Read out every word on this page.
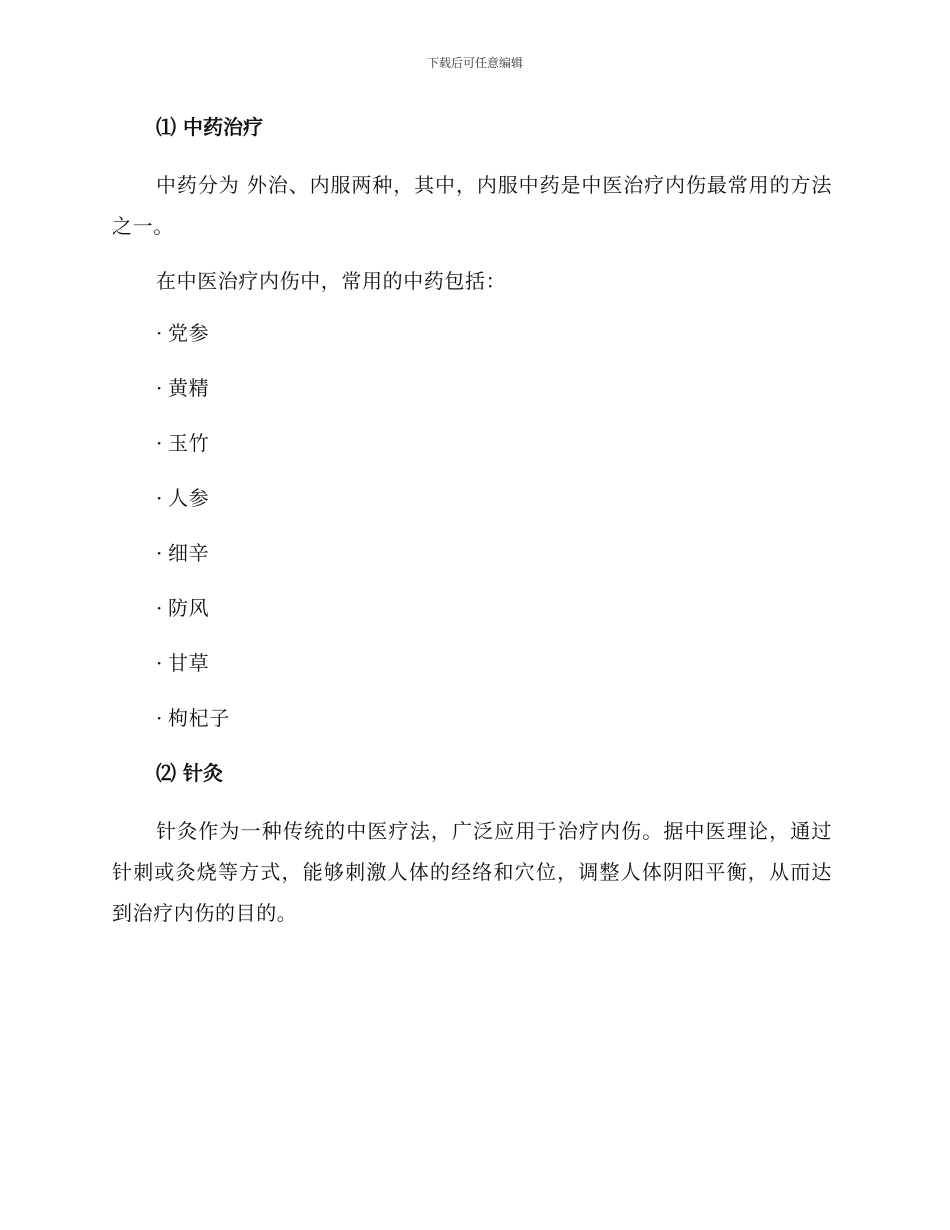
下载后可任意编辑
⑴ 中药治疗

中药分为 外治、内服两种，其中，内服中药是中医治疗内伤最常用的方法之一。

在中医治疗内伤中，常用的中药包括：

· 党参
· 黄精
· 玉竹
· 人参
· 细辛
· 防风
· 甘草
· 枸杞子
⑵ 针灸

针灸作为一种传统的中医疗法，广泛应用于治疗内伤。据中医理论，通过针刺或灸烧等方式，能够刺激人体的经络和穴位，调整人体阴阳平衡，从而达到治疗内伤的目的。
